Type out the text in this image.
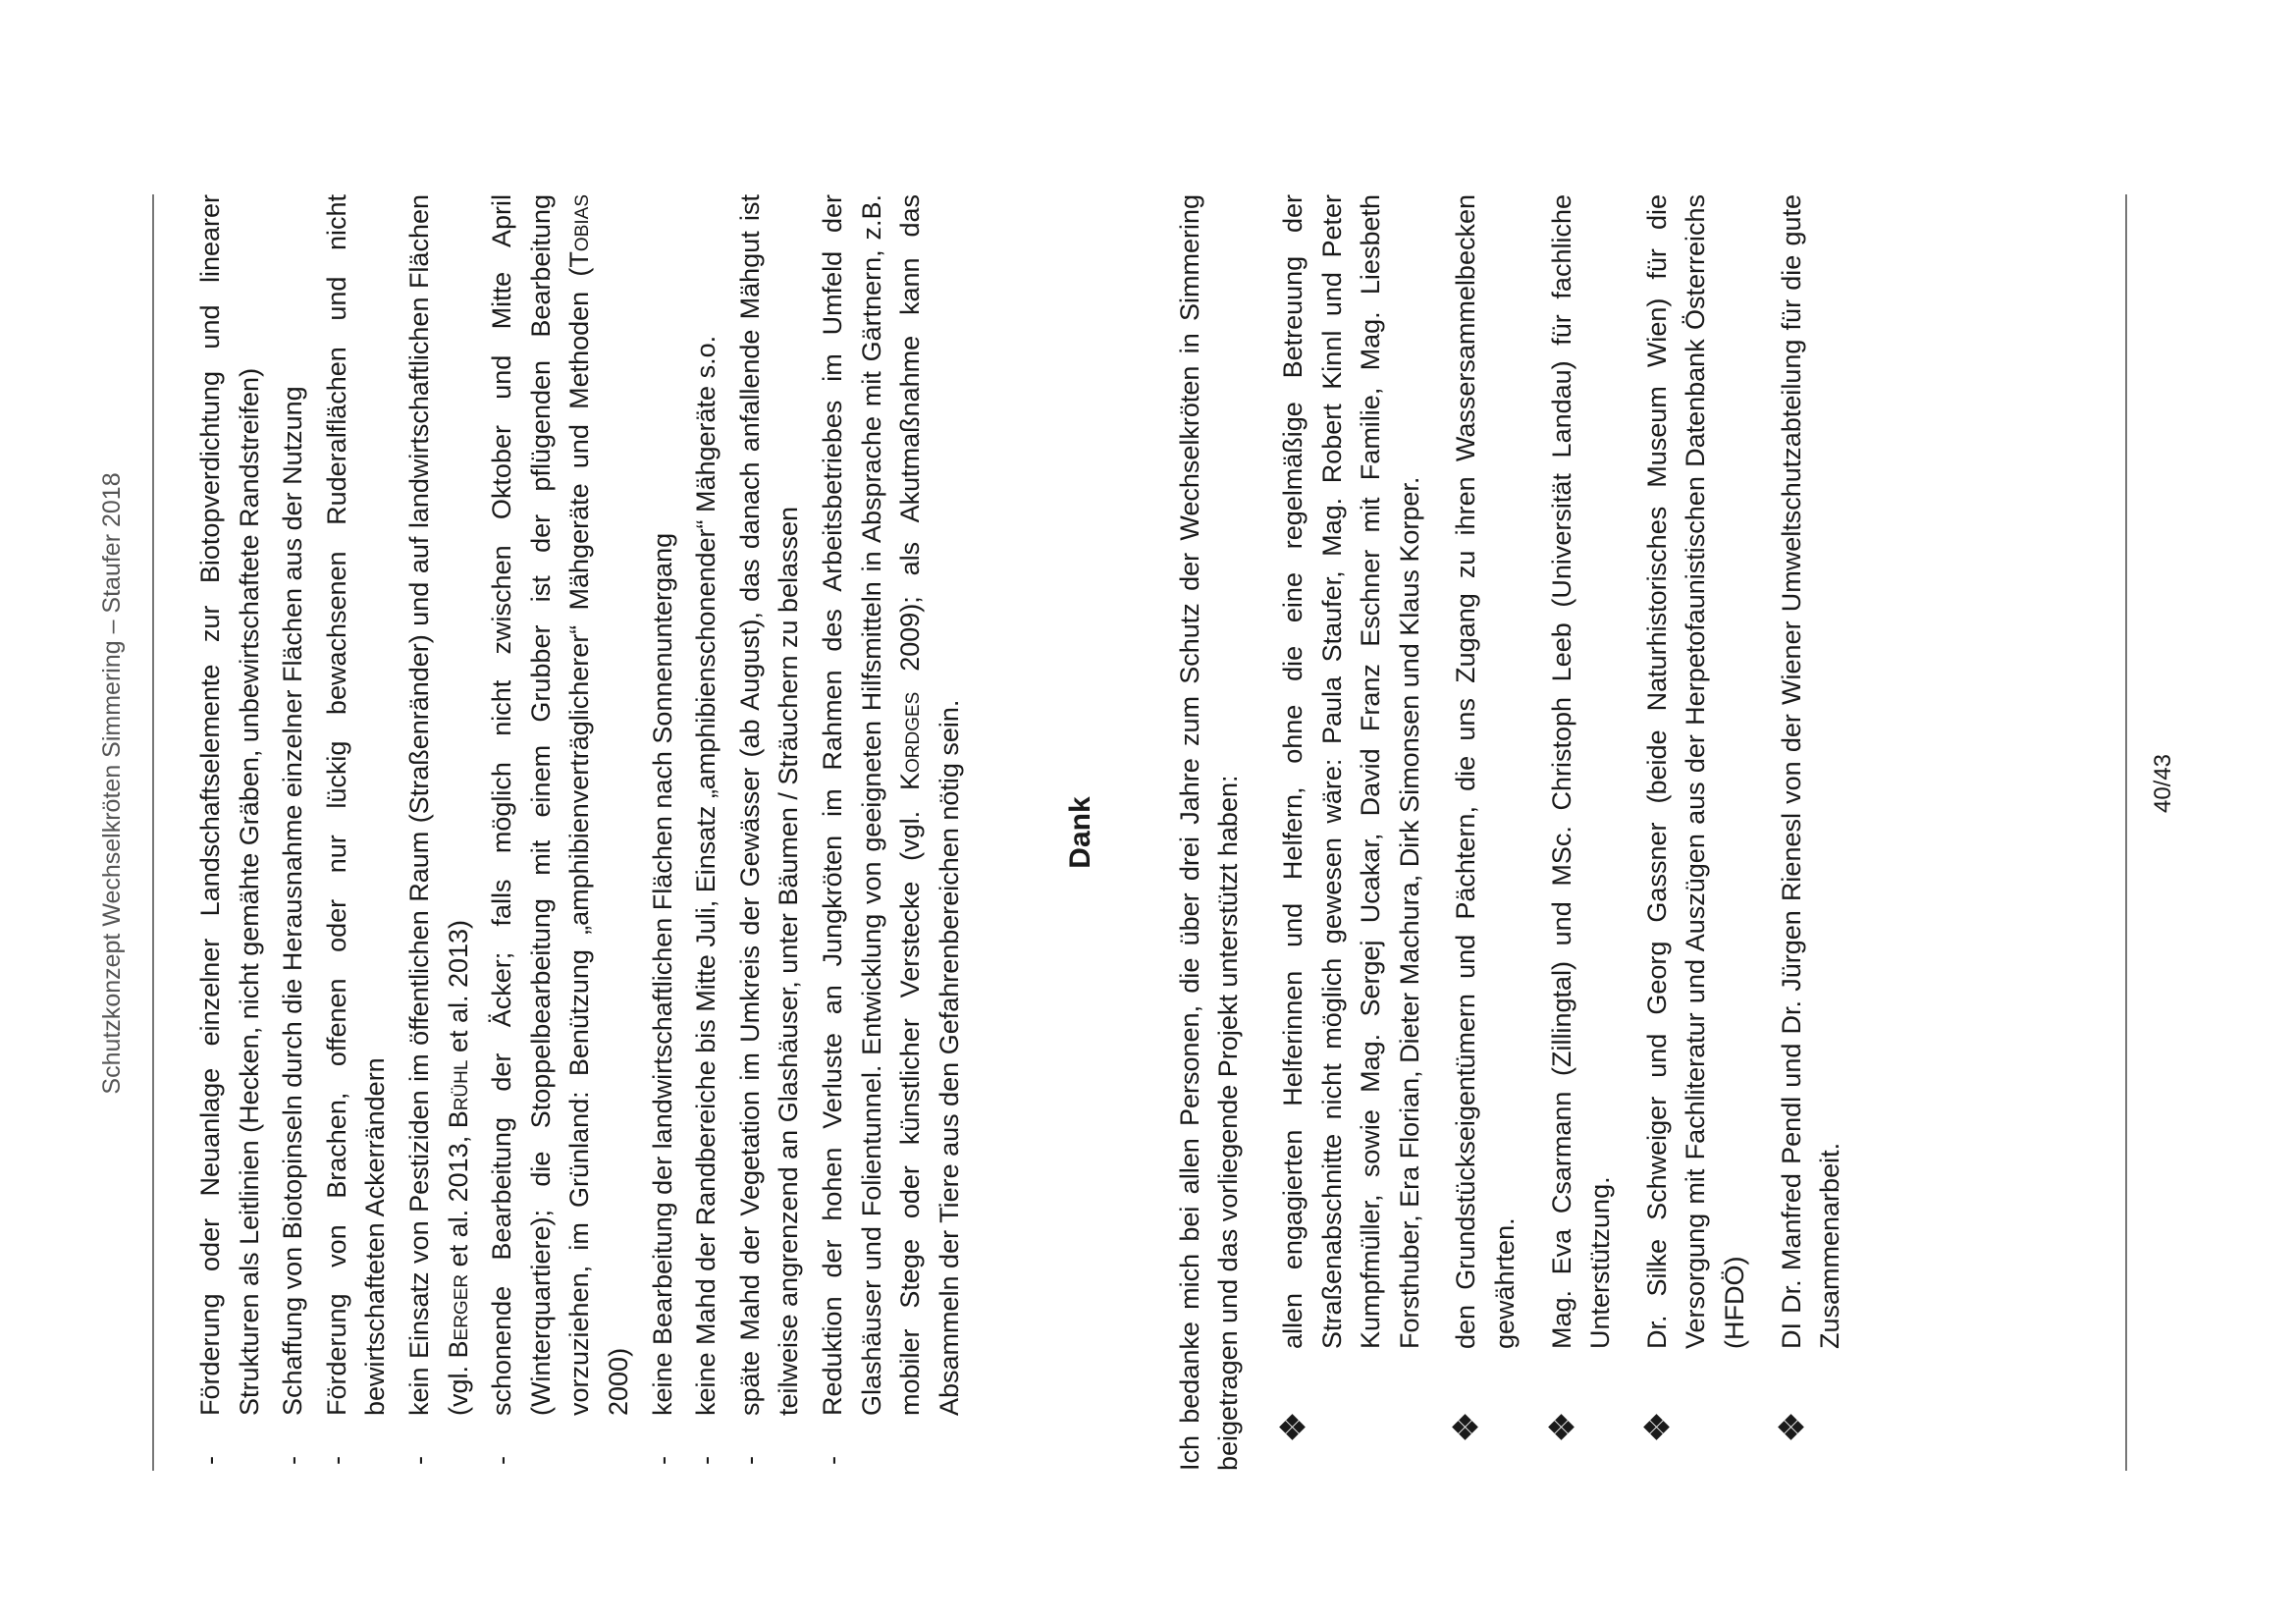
Schutzkonzept Wechselkröten Simmering – Staufer 2018	- Förderung oder Neuanlage einzelner Landschaftselemente zur Biotopverdichtung und linearer Strukturen als Leitlinien (Hecken, nicht gemähte Gräben, unbewirtschaftete Randstreifen) - Schaffung von Biotopinseln durch die Herausnahme einzelner Flächen aus der Nutzung - Förderung von Brachen, offenen oder nur lückig bewachsenen Ruderalflächen und nicht bewirtschafteten Ackerrändern - kein Einsatz von Pestiziden im öffentlichen Raum (Straßenränder) und auf landwirtschaftlichen Flächen (vgl. Berger et al. 2013, Brühl et al. 2013) - schonende Bearbeitung der Äcker; falls möglich nicht zwischen Oktober und Mitte April (Winterquartiere); die Stoppelbearbeitung mit einem Grubber ist der pflügenden Bearbeitung vorzuziehen, im Grünland: Benützung „amphibienverträglicherer“ Mähgeräte und Methoden (Tobias 2000) - keine Bearbeitung der landwirtschaftlichen Flächen nach Sonnenuntergang - keine Mahd der Randbereiche bis Mitte Juli, Einsatz „amphibienschonender“ Mähgeräte s.o. - späte Mahd der Vegetation im Umkreis der Gewässer (ab August), das danach anfallende Mähgut ist teilweise angrenzend an Glashäuser, unter Bäumen / Sträuchern zu belassen - Reduktion der hohen Verluste an Jungkröten im Rahmen des Arbeitsbetriebes im Umfeld der Glashäuser und Folientunnel. Entwicklung von geeigneten Hilfsmitteln in Absprache mit Gärtnern, z.B. mobiler Stege oder künstlicher Verstecke (vgl. Kordges 2009); als Akutmaßnahme kann das Absammeln der Tiere aus den Gefahrenbereichen nötig sein.	Dank	Ich bedanke mich bei allen Personen, die über drei Jahre zum Schutz der Wechselkröten in Simmering beigetragen und das vorliegende Projekt unterstützt haben: allen engagierten Helferinnen und Helfern, ohne die eine regelmäßige Betreuung der Straßenabschnitte nicht möglich gewesen wäre: Paula Staufer, Mag. Robert Kinnl und Peter Kumpfmüller, sowie Mag. Sergej Ucakar, David Franz Eschner mit Familie, Mag. Liesbeth Forsthuber, Era Florian, Dieter Machura, Dirk Simonsen und Klaus Korper. den Grundstückseigentümern und Pächtern, die uns Zugang zu ihren Wassersammelbecken gewährten. Mag. Eva Csarmann (Zillingtal) und MSc. Christoph Leeb (Universität Landau) für fachliche Unterstützung. Dr. Silke Schweiger und Georg Gassner (beide Naturhistorisches Museum Wien) für die Versorgung mit Fachliteratur und Auszügen aus der Herpetofaunistischen Datenbank Österreichs (HFDÖ) DI Dr. Manfred Pendl und Dr. Jürgen Rienesl von der Wiener Umweltschutzabteilung für die gute Zusammenarbeit.
40/43
